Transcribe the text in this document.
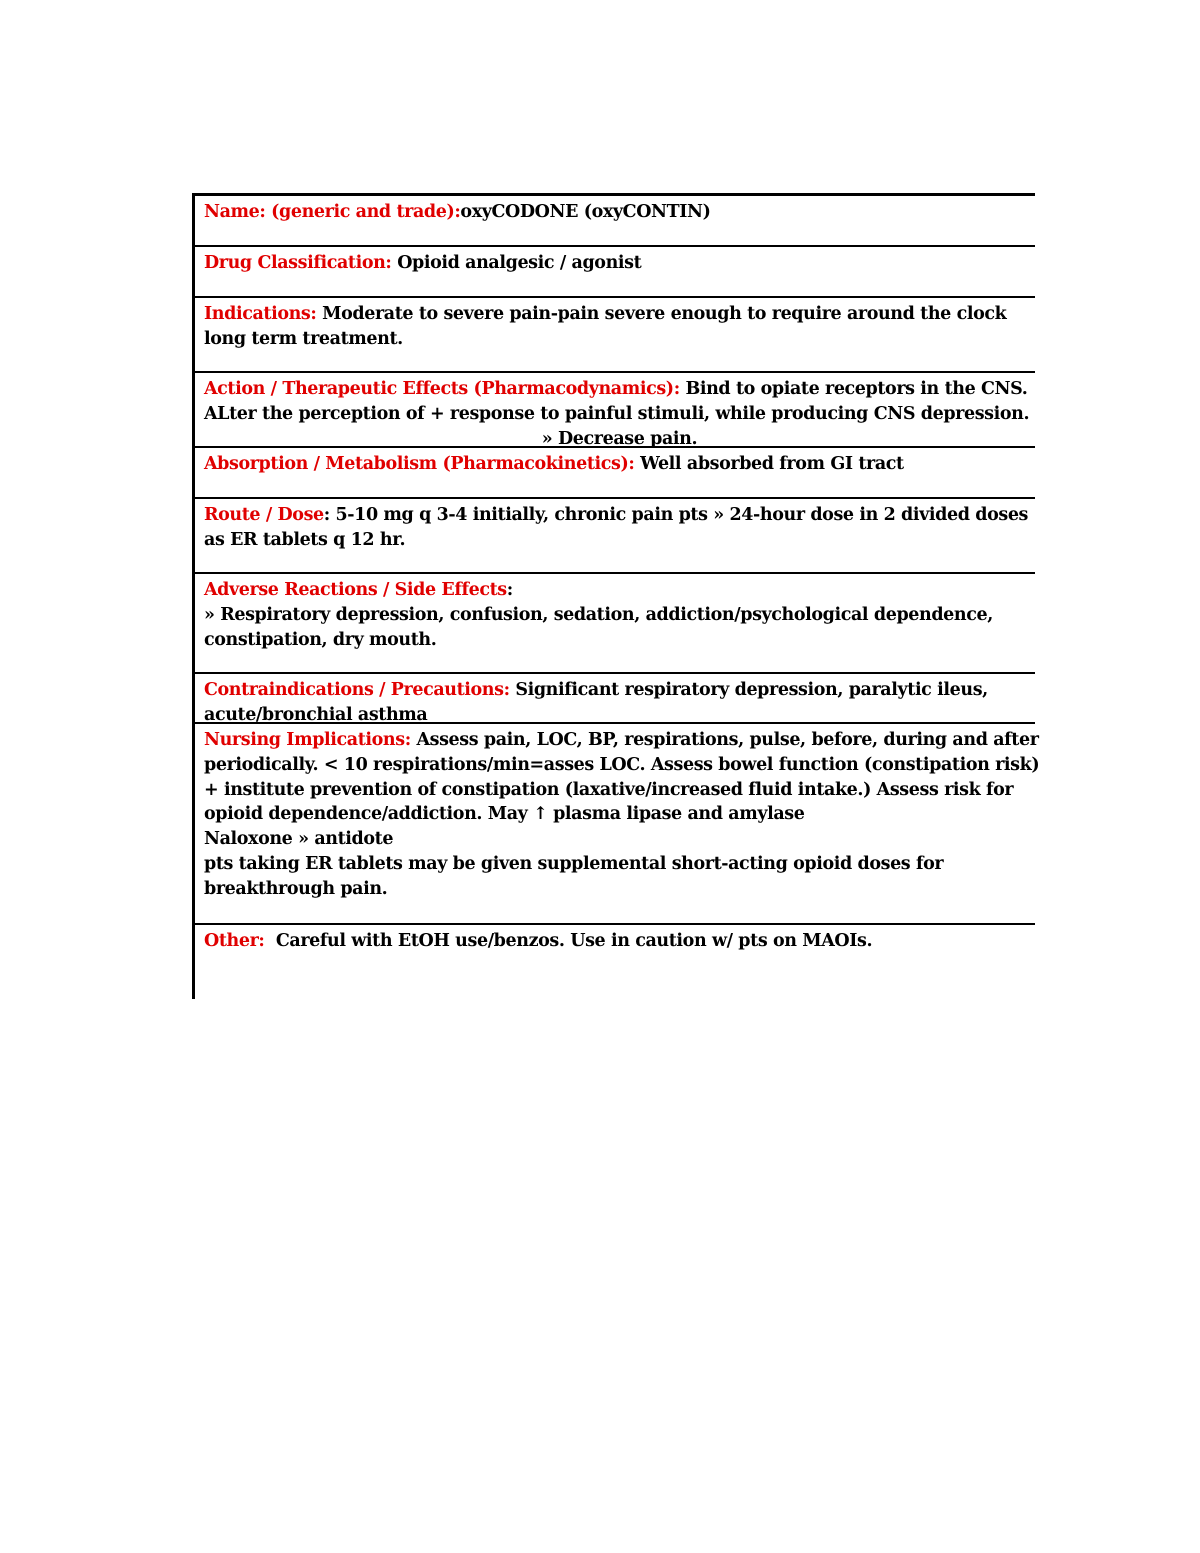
Name: (generic and trade):oxyCODONE (oxyCONTIN)
Drug Classification: Opioid analgesic / agonist
Indications: Moderate to severe pain-pain severe enough to require around the clock
long term treatment.
Action / Therapeutic Effects (Pharmacodynamics): Bind to opiate receptors in the CNS.
ALter the perception of + response to painful stimuli, while producing CNS depression.
» Decrease pain.
Absorption / Metabolism (Pharmacokinetics): Well absorbed from GI tract
Route / Dose: 5-10 mg q 3-4 initially, chronic pain pts » 24-hour dose in 2 divided doses
as ER tablets q 12 hr.
Adverse Reactions / Side Effects:
» Respiratory depression, confusion, sedation, addiction/psychological dependence,
constipation, dry mouth.
Contraindications / Precautions: Significant respiratory depression, paralytic ileus,
acute/bronchial asthma
Nursing Implications: Assess pain, LOC, BP, respirations, pulse, before, during and after
periodically. < 10 respirations/min=asses LOC. Assess bowel function (constipation risk)
+ institute prevention of constipation (laxative/increased fluid intake.) Assess risk for
opioid dependence/addiction. May ↑ plasma lipase and amylase
Naloxone » antidote
pts taking ER tablets may be given supplemental short-acting opioid doses for
breakthrough pain.
Other: Careful with EtOH use/benzos. Use in caution w/ pts on MAOIs.
